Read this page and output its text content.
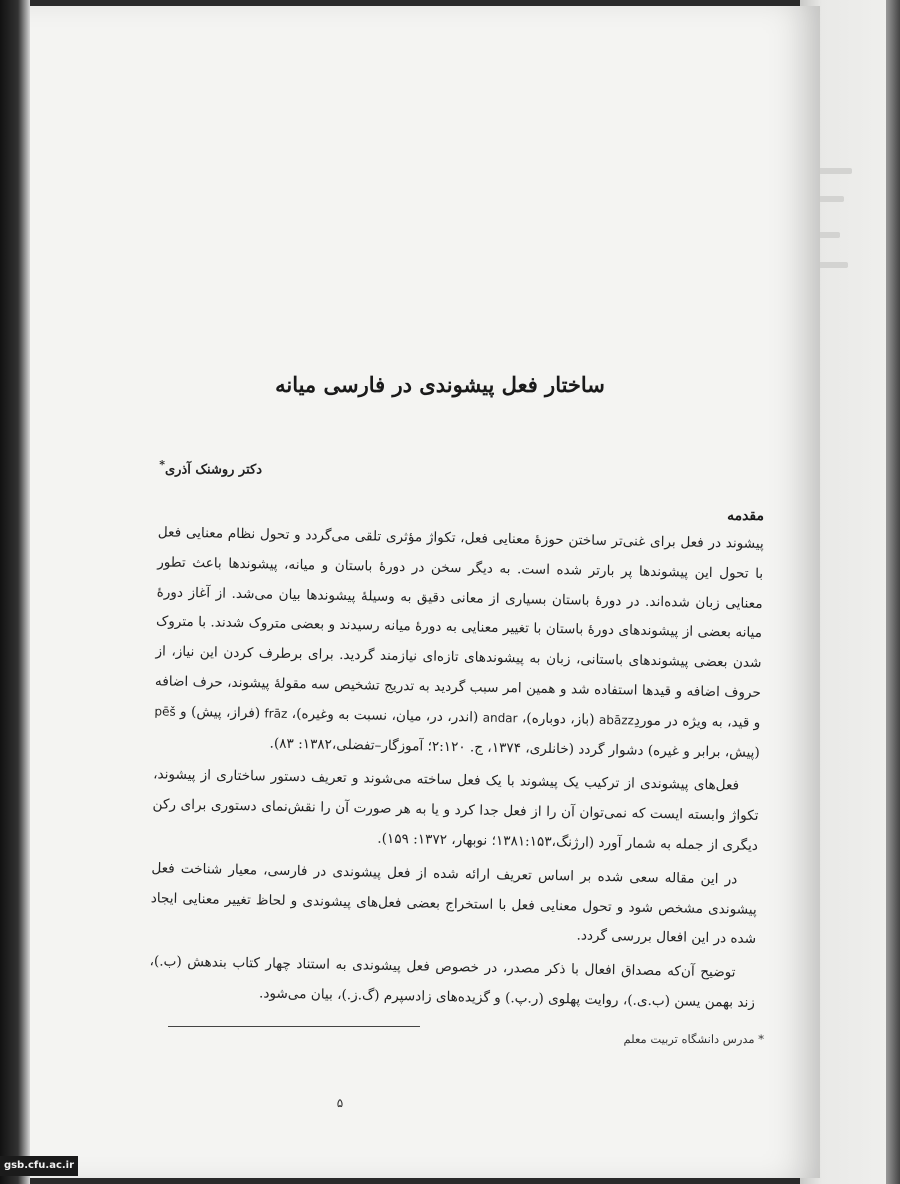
ساختار فعل پیشوندی در فارسی میانه
دکتر روشنک آذری*
مقدمه

پیشوند در فعل برای غنی‌تر ساختن حوزهٔ معنایی فعل، تکواژ مؤثری تلقی می‌گردد و تحول نظام معنایی فعل با تحول این پیشوندها پر بارتر شده است. به دیگر سخن در دورهٔ باستان و میانه، پیشوندها باعث تطور معنایی زبان شده‌اند. در دورهٔ باستان بسیاری از معانی دقیق به وسیلهٔ پیشوندها بیان می‌شد. از آغاز دورهٔ میانه بعضی از پیشوندهای دورهٔ باستان با تغییر معنایی به دورهٔ میانه رسیدند و بعضی متروک شدند. با متروک شدن بعضی پیشوندهای باستانی، زبان به پیشوندهای تازه‌ای نیازمند گردید. برای برطرف کردن این نیاز، از حروف اضافه و قیدها استفاده شد و همین امر سبب گردید به تدریج تشخیص سه مقولهٔ پیشوند، حرف اضافه و قید، به ویژه در موردِabāzz (باز، دوباره)، andar (اندر، در، میان، نسبت به وغیره)، frāz (فراز، پیش) و pēš (پیش، برابر و غیره) دشوار گردد (خانلری، ۱۳۷۴، ج. ۲:۱۲۰؛ آموزگار–تفضلی،۱۳۸۲: ۸۳).

فعل‌های پیشوندی از ترکیب یک پیشوند با یک فعل ساخته می‌شوند و تعریف دستور ساختاری از پیشوند، تکواژ وابسته ایست که نمی‌توان آن را از فعل جدا کرد و یا به هر صورت آن را نقش‌نمای دستوری برای رکن دیگری از جمله به شمار آورد (ارژنگ،۱۳۸۱:۱۵۳؛ نوبهار، ۱۳۷۲: ۱۵۹).

در این مقاله سعی شده بر اساس تعریف ارائه شده از فعل پیشوندی در فارسی، معیار شناخت فعل پیشوندی مشخص شود و تحول معنایی فعل با استخراج بعضی فعل‌های پیشوندی و لحاظ تغییر معنایی ایجاد شده در این افعال بررسی گردد.

توضیح آن‌که مصداق افعال با ذکر مصدر، در خصوص فعل پیشوندی به استناد چهار کتاب بندهش (ب.)، زند بهمن یسن (ب.ی.)، روایت پهلوی (ر.پ.) و گزیده‌های زادسپرم (گ.ز.)، بیان می‌شود.

* مدرس دانشگاه تربیت معلم
۵
gsb.cfu.ac.ir
